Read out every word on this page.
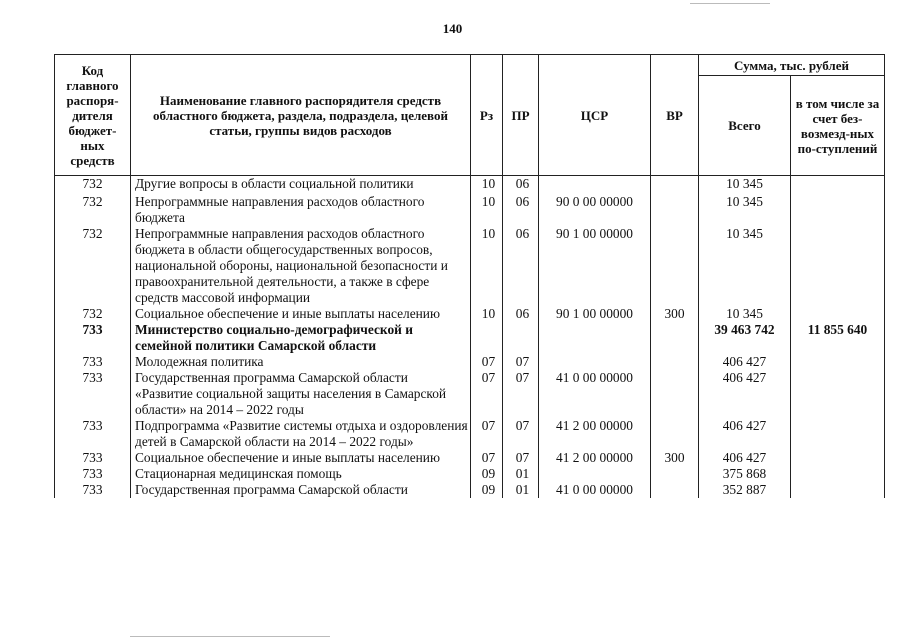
140
Код главного распоря-дителя бюджет-ных средств	Наименование главного распорядителя средств областного бюджета, раздела, подраздела, целевой статьи, группы видов расходов	Рз	ПР	ЦСР	ВР	Сумма, тыс. рублей	
						Всего	в том числе за счет без-возмезд-ных по-ступлений
732	Другие вопросы в области социальной политики	10	06			10 345	
732	Непрограммные направления расходов областного бюджета	10	06	90 0 00 00000		10 345	
732	Непрограммные направления расходов областного бюджета в области общегосударственных вопросов, национальной обороны, национальной безопасности и правоохранительной деятельности, а также в сфере средств массовой информации	10	06	90 1 00 00000		10 345	
732	Социальное обеспечение и иные выплаты населению	10	06	90 1 00 00000	300	10 345	
733	Министерство социально-демографической и семейной политики Самарской области					39 463 742	11 855 640
733	Молодежная политика	07	07			406 427	
733	Государственная программа Самарской области «Развитие социальной защиты населения в Самарской области» на 2014 – 2022 годы	07	07	41 0 00 00000		406 427	
733	Подпрограмма «Развитие системы отдыха и оздоровления детей в Самарской области на 2014 – 2022 годы»	07	07	41 2 00 00000		406 427	
733	Социальное обеспечение и иные выплаты населению	07	07	41 2 00 00000	300	406 427	
733	Стационарная медицинская помощь	09	01			375 868	
733	Государственная программа Самарской области	09	01	41 0 00 00000		352 887	
